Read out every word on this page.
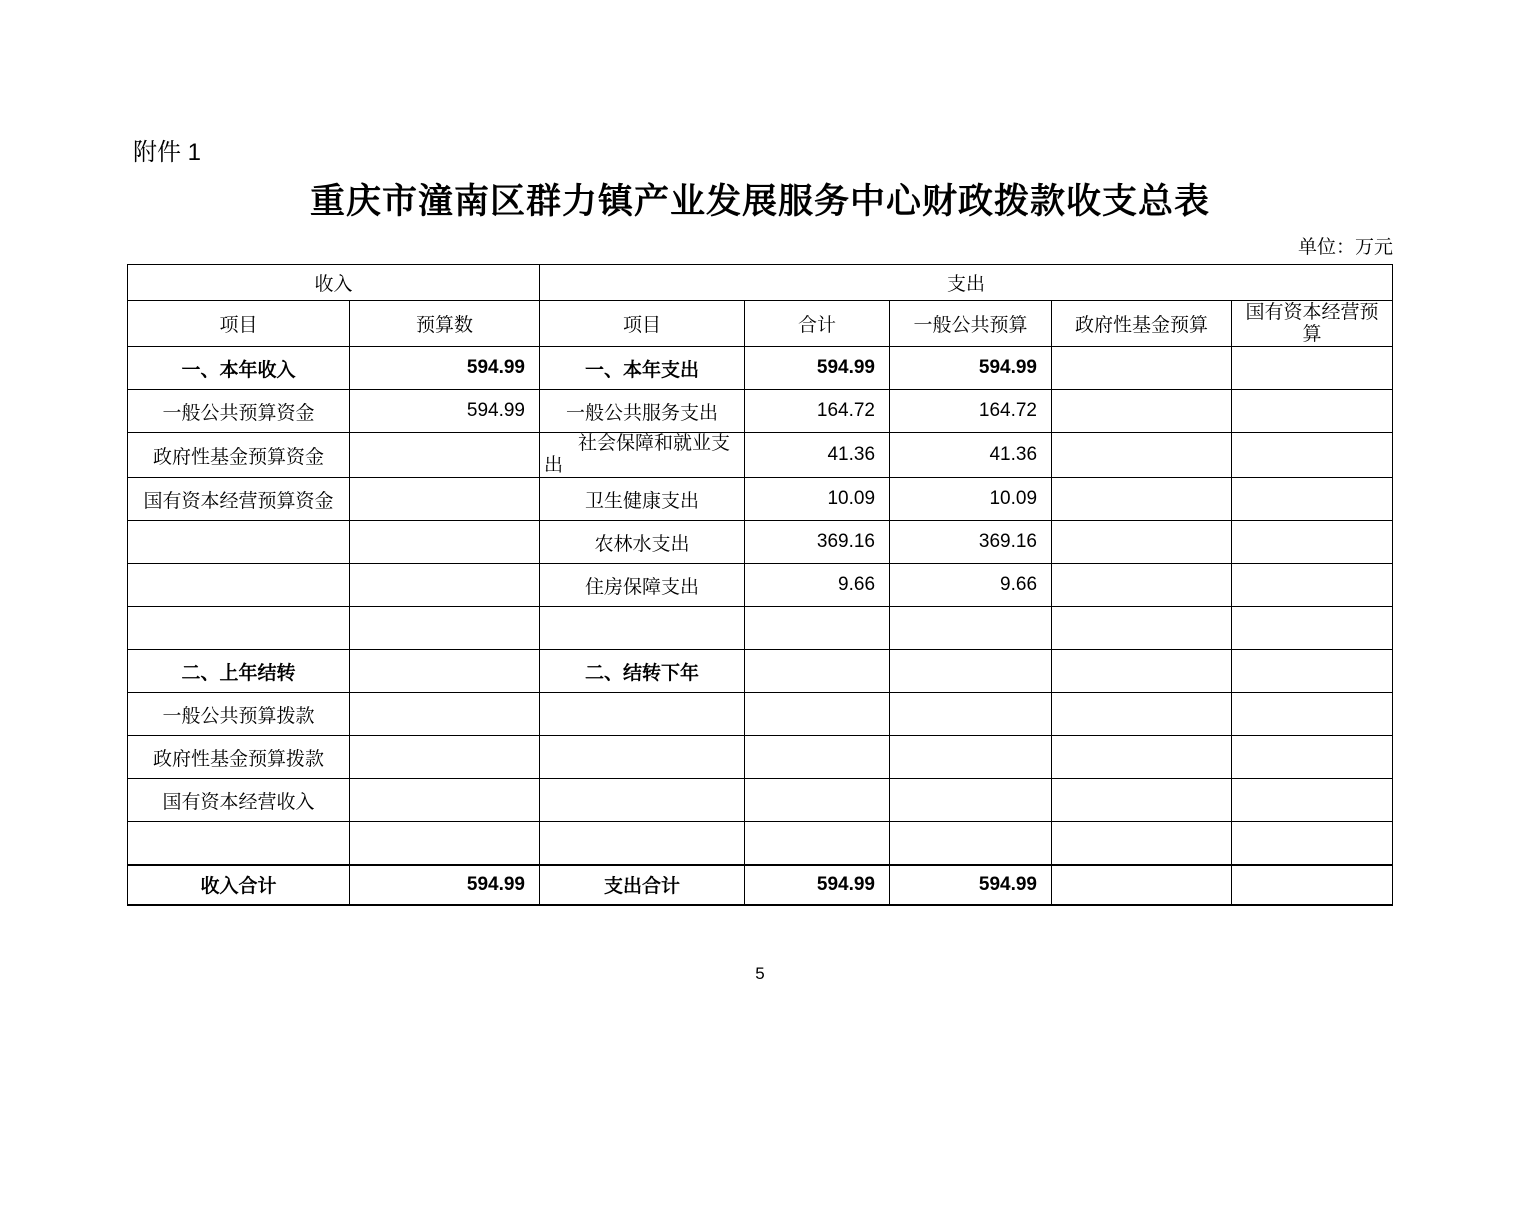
附件 1
重庆市潼南区群力镇产业发展服务中心财政拨款收支总表
单位：万元
收入		支出				
项目	预算数	项目	合计	一般公共预算	政府性基金预算	国有资本经营预算
一、本年收入	594.99	一、本年支出	594.99	594.99		
一般公共预算资金	594.99	一般公共服务支出	164.72	164.72		
政府性基金预算资金		社会保障和就业支出	41.36	41.36		
国有资本经营预算资金		卫生健康支出	10.09	10.09		
		农林水支出	369.16	369.16		
		住房保障支出	9.66	9.66		

二、上年结转		二、结转下年				
一般公共预算拨款						
政府性基金预算拨款						
国有资本经营收入						

收入合计	594.99	支出合计	594.99	594.99		
5
